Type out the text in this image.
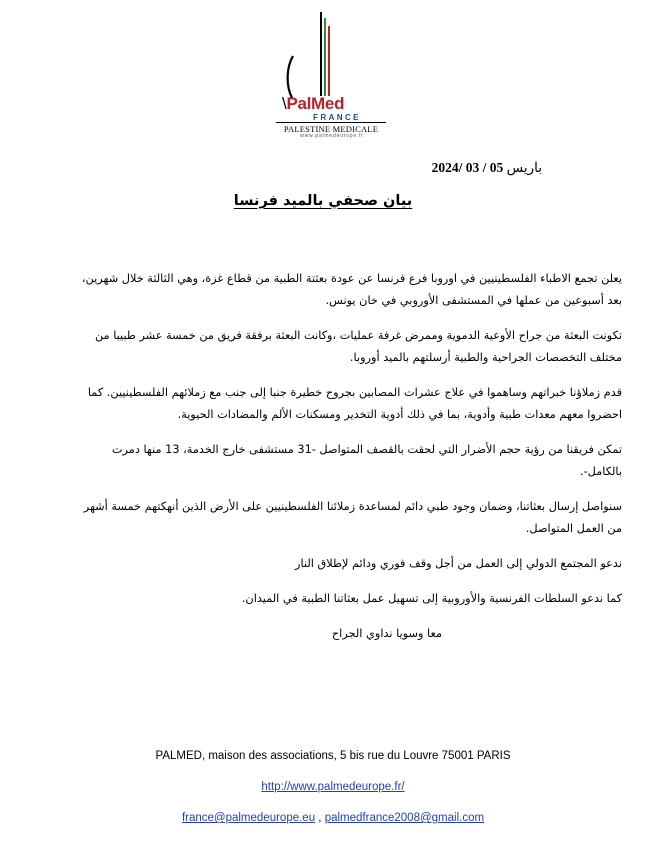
\PalMed
FRANCE
PALESTINE MEDICALE
www.palmedeurope.fr
2024/ 03 / 05 باريس
بيان صحفي بالميد فرنسا

يعلن تجمع الاطباء الفلسطينيين في اوروبا فرع فرنسا عن عودة بعثتة الطبية من قطاع غزة، وهي الثالثة خلال شهرين،
بعد أسبوعين من عملها في المستشفى الأوروبي في خان يونس.

تكونت البعثة من جراح الأوعية الدموية وممرض غرفة عمليات ،وكانت البعثة برفقة فريق من خمسة عشر طبيبا من
مختلف التخصصات الجراحية والطبية أرسلتهم بالميد أوروبا.

قدم زملاؤنا خبراتهم وساهموا في علاج عشرات المصابين بجروح خطيرة جنبا إلى جنب مع زملائهم الفلسطينيين. كما
احضروا معهم معدات طبية وأدوية، بما في ذلك أدوية التخدير ومسكنات الألم والمضادات الحيوية.

تمكن فريقنا من رؤية حجم الأضرار التي لحقت بالقصف المتواصل -31 مستشفى خارج الخدمة، 13 منها دمرت
بالكامل-.

سنواصل إرسال بعثاتنا، وضمان وجود طبي دائم لمساعدة زملائنا الفلسطينيين على الأرض الذين أنهكتهم خمسة أشهر
من العمل المتواصل.

ندعو المجتمع الدولي إلى العمل من أجل وقف فوري ودائم لإطلاق النار

كما ندعو السلطات الفرنسية والأوروبية إلى تسهيل عمل بعثاتنا الطبية في الميدان.

معا وسويا نداوي الجراح

PALMED, maison des associations, 5 bis rue du Louvre 75001 PARIS
http://www.palmedeurope.fr/
france@palmedeurope.eu , palmedfrance2008@gmail.com
